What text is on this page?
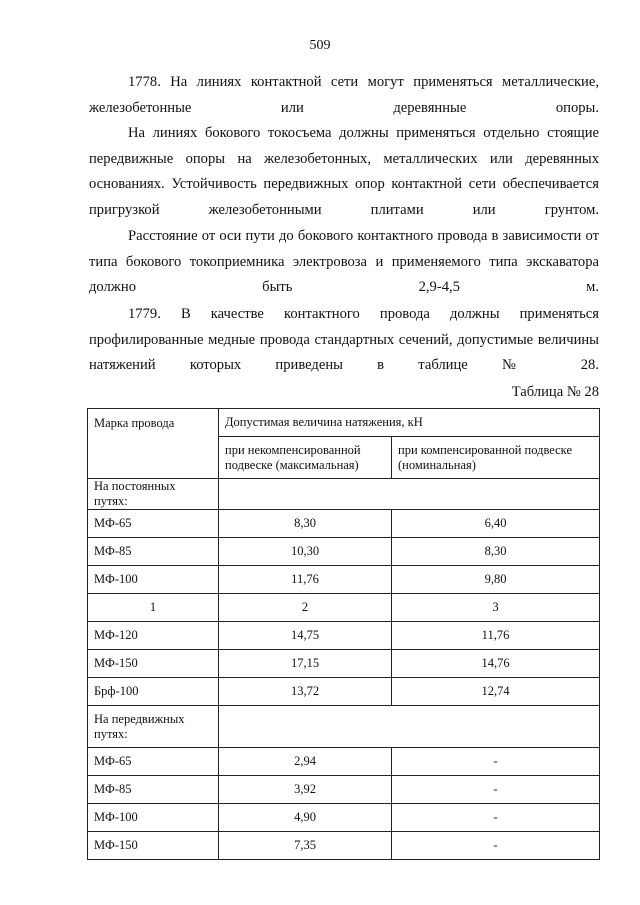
509

1778. На линиях контактной сети могут применяться металлические, железобетонные или деревянные опоры.

На линиях бокового токосъема должны применяться отдельно стоящие передвижные опоры на железобетонных, металлических или деревянных основаниях. Устойчивость передвижных опор контактной сети обеспечивается пригрузкой железобетонными плитами или грунтом.

Расстояние от оси пути до бокового контактного провода в зависимости от типа бокового токоприемника электровоза и применяемого типа экскаватора должно быть 2,9-4,5 м.

1779. В качестве контактного провода должны применяться профилированные медные провода стандартных сечений, допустимые величины натяжений которых приведены в таблице № 28.

Таблица № 28
Марка провода	Допустимая величина натяжения, кН	
	при некомпенсированной подвеске (максимальная)	при компенсированной подвеске (номинальная)
На постоянных путях:		
МФ-65	8,30	6,40
МФ-85	10,30	8,30
МФ-100	11,76	9,80
1	2	3
МФ-120	14,75	11,76
МФ-150	17,15	14,76
Брф-100	13,72	12,74
На передвижных путях:		
МФ-65	2,94	-
МФ-85	3,92	-
МФ-100	4,90	-
МФ-150	7,35	-
